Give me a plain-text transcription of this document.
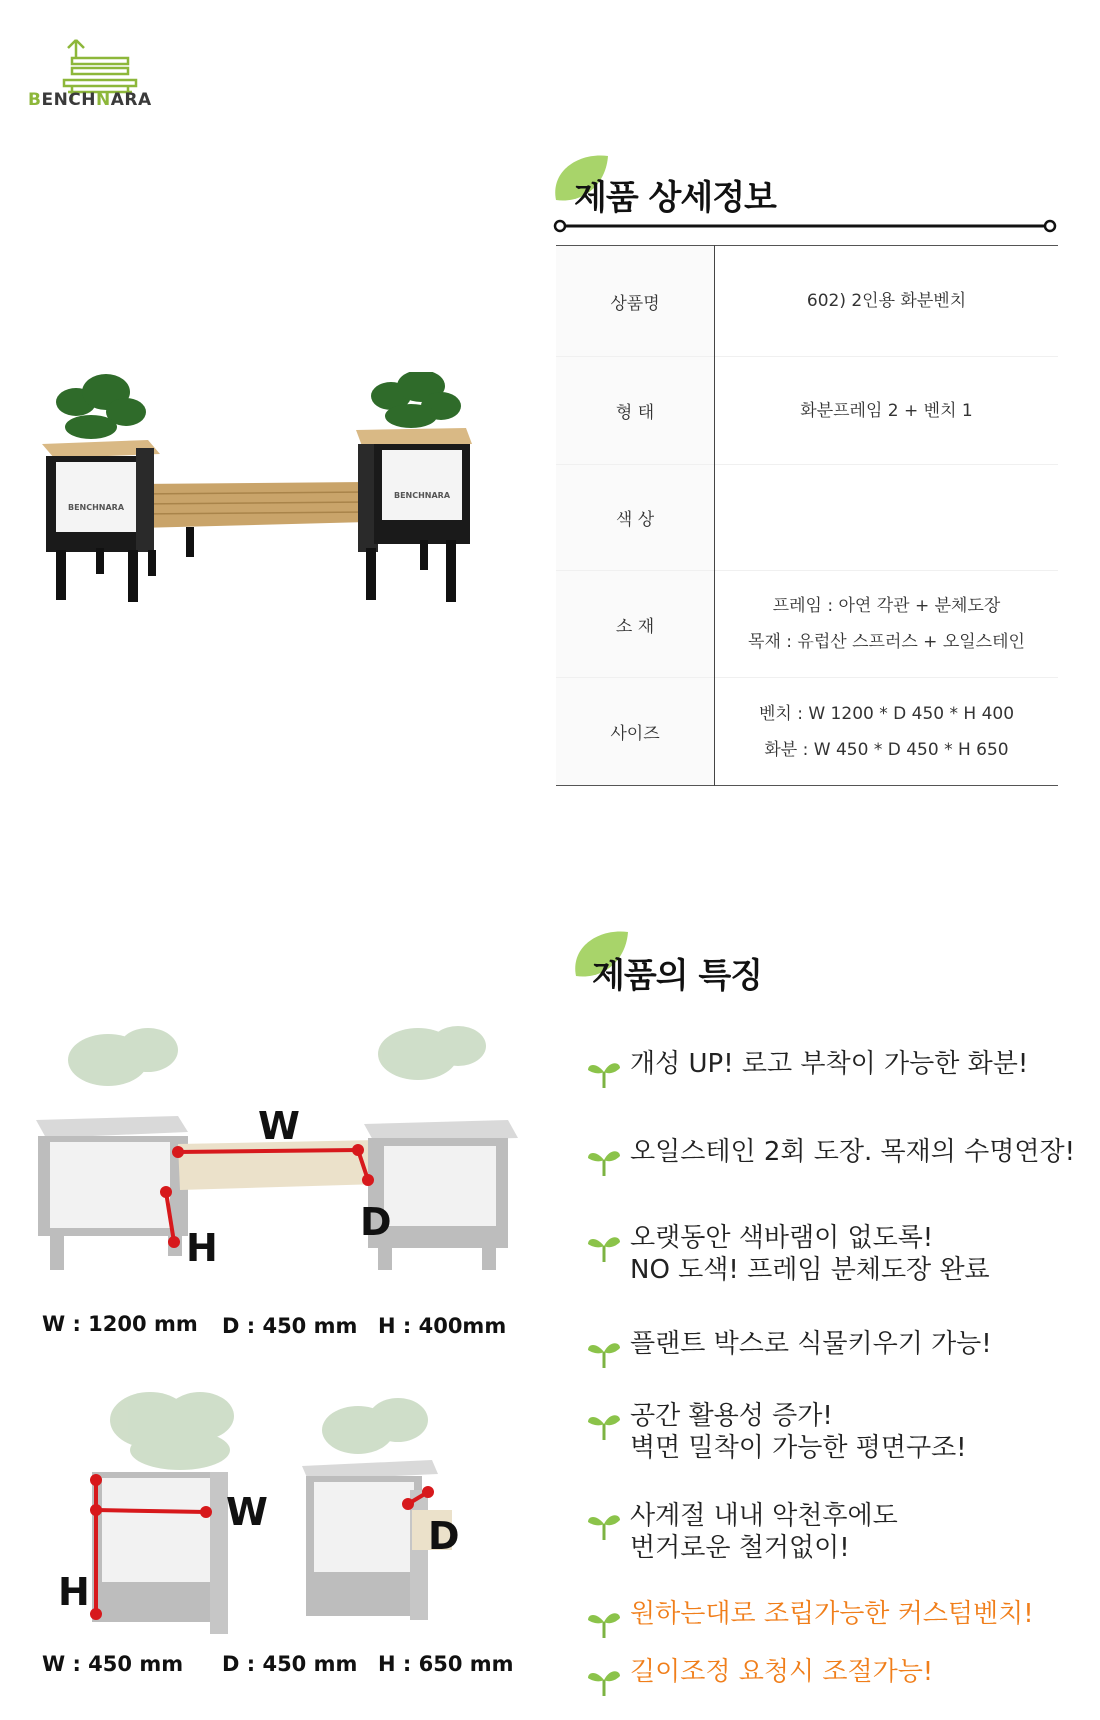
BENCHNARA
BENCHNARA
BENCHNARA
제품 상세정보
상품명	602) 2인용 화분벤치

형 태	화분프레임 2 + 벤치 1

색 상	

소 재	프레임 : 아연 각관 + 분체도장
목재 : 유럽산 스프러스 + 오일스테인

사이즈	벤치 : W 1200 * D 450 * H 400
화분 : W 450 * D 450 * H 650
제품의 특징
개성 UP! 로고 부착이 가능한 화분!
오일스테인 2회 도장. 목재의 수명연장!
오랫동안 색바램이 없도록!
NO 도색! 프레임 분체도장 완료
플랜트 박스로 식물키우기 가능!
공간 활용성 증가!
벽면 밀착이 가능한 평면구조!
사계절 내내 악천후에도
번거로운 철거없이!
원하는대로 조립가능한 커스텀벤치!
길이조정 요청시 조절가능!
W
H
D
W : 1200 mm D : 450 mm H : 400mm
W
H
D
W : 450 mm D : 450 mm H : 650 mm
